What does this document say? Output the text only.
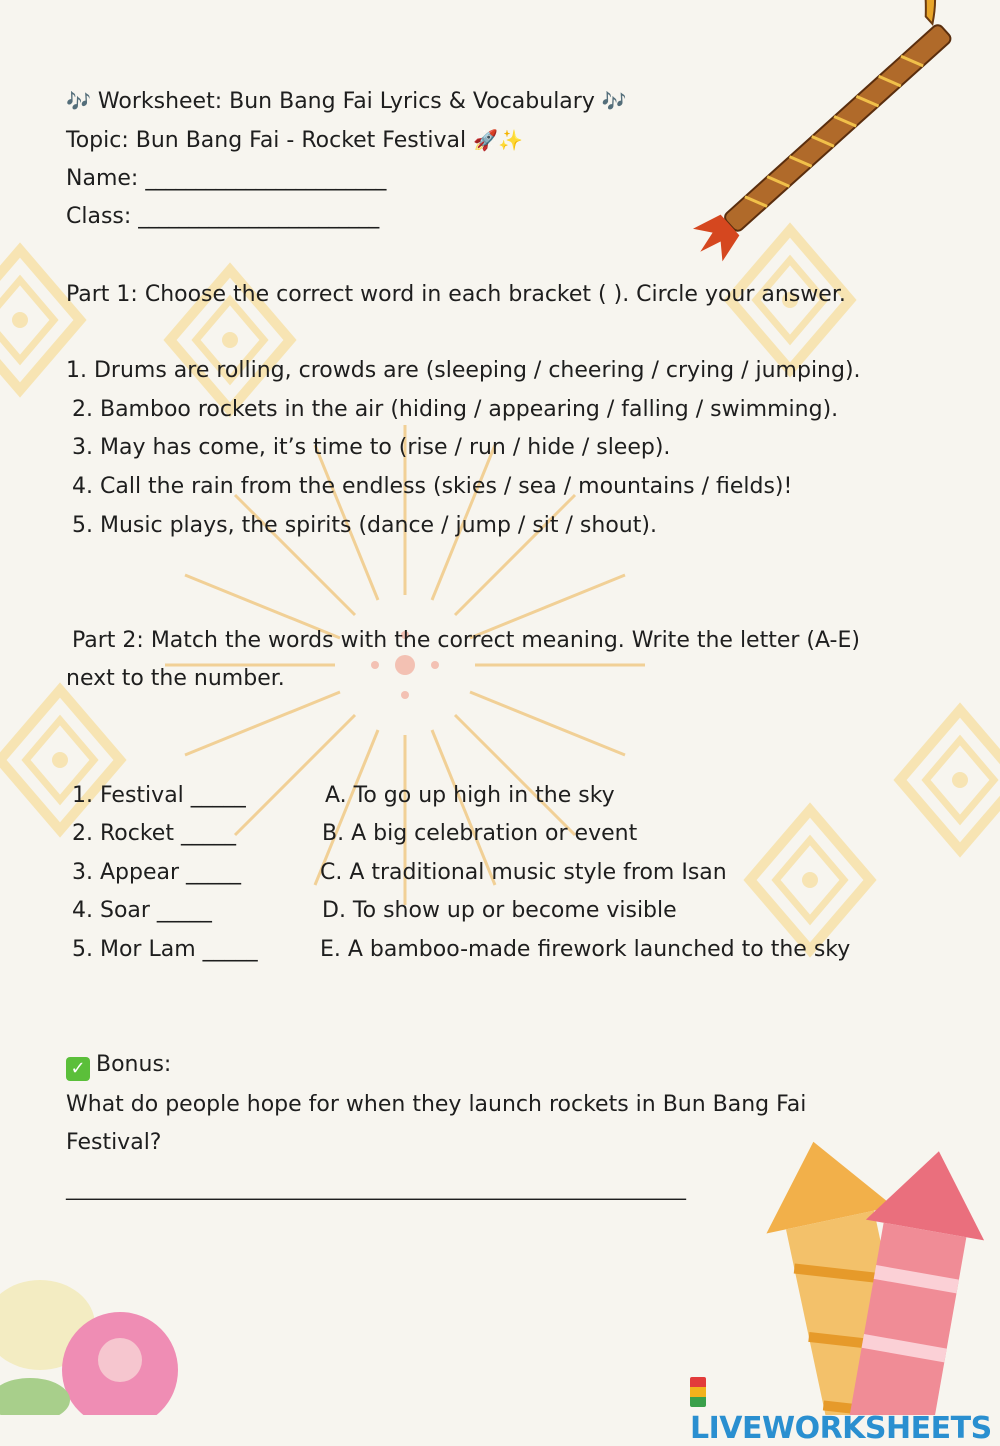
🎶 Worksheet: Bun Bang Fai Lyrics & Vocabulary 🎶
Topic: Bun Bang Fai - Rocket Festival 🚀✨
Name: ________________________
Class: ________________________
Part 1: Choose the correct word in each bracket ( ). Circle your answer.
1. Drums are rolling, crowds are (sleeping / cheering / crying / jumping).
2. Bamboo rockets in the air (hiding / appearing / falling / swimming).
3. May has come, it’s time to (rise / run / hide / sleep).
4. Call the rain from the endless (skies / sea / mountains / fields)!
5. Music plays, the spirits (dance / jump / sit / shout).
Part 2: Match the words with the correct meaning. Write the letter (A-E)
next to the number.
1. Festival _____
2. Rocket _____
3. Appear _____
4. Soar _____
5. Mor Lam _____
A. To go up high in the sky
B. A big celebration or event
C. A traditional music style from Isan
D. To show up or become visible
E. A bamboo-made firework launched to the sky
✓ Bonus:
What do people hope for when they launch rockets in Bun Bang Fai
Festival?
______________________________________________________________
LIVEWORKSHEETS
